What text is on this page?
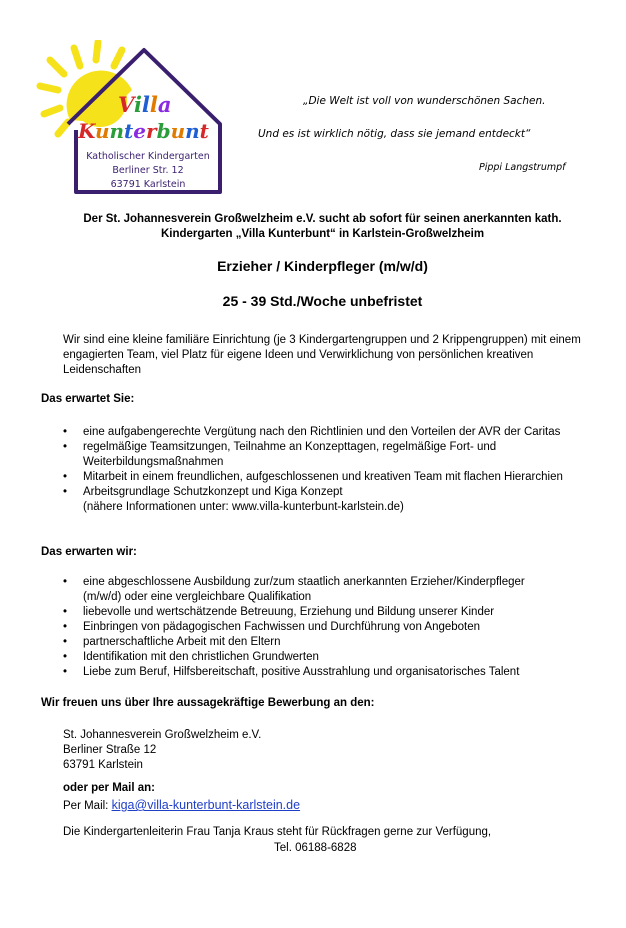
Villa
Kunterbunt
Katholischer Kindergarten
Berliner Str. 12
63791 Karlstein
„Die Welt ist voll von wunderschönen Sachen.
Und es ist wirklich nötig, dass sie jemand entdeckt“
Pippi Langstrumpf
Der St. Johannesverein Großwelzheim e.V. sucht ab sofort für seinen anerkannten kath.
Kindergarten „Villa Kunterbunt“ in Karlstein-Großwelzheim
Erzieher / Kinderpfleger (m/w/d)
25 - 39 Std./Woche unbefristet
Wir sind eine kleine familiäre Einrichtung (je 3 Kindergartengruppen und 2 Krippengruppen) mit einem engagierten Team, viel Platz für eigene Ideen und Verwirklichung von persönlichen kreativen Leidenschaften
Das erwartet Sie:
• eine aufgabengerechte Vergütung nach den Richtlinien und den Vorteilen der AVR der Caritas
• regelmäßige Teamsitzungen, Teilnahme an Konzepttagen, regelmäßige Fort- und Weiterbildungsmaßnahmen
• Mitarbeit in einem freundlichen, aufgeschlossenen und kreativen Team mit flachen Hierarchien
• Arbeitsgrundlage Schutzkonzept und Kiga Konzept
(nähere Informationen unter: www.villa-kunterbunt-karlstein.de)
Das erwarten wir:
• eine abgeschlossene Ausbildung zur/zum staatlich anerkannten Erzieher/Kinderpfleger
(m/w/d) oder eine vergleichbare Qualifikation
• liebevolle und wertschätzende Betreuung, Erziehung und Bildung unserer Kinder
• Einbringen von pädagogischen Fachwissen und Durchführung von Angeboten
• partnerschaftliche Arbeit mit den Eltern
• Identifikation mit den christlichen Grundwerten
• Liebe zum Beruf, Hilfsbereitschaft, positive Ausstrahlung und organisatorisches Talent
Wir freuen uns über Ihre aussagekräftige Bewerbung an den:
St. Johannesverein Großwelzheim e.V.
Berliner Straße 12
63791 Karlstein
oder per Mail an:
Per Mail: kiga@villa-kunterbunt-karlstein.de
Die Kindergartenleiterin Frau Tanja Kraus steht für Rückfragen gerne zur Verfügung,
Tel. 06188-6828
